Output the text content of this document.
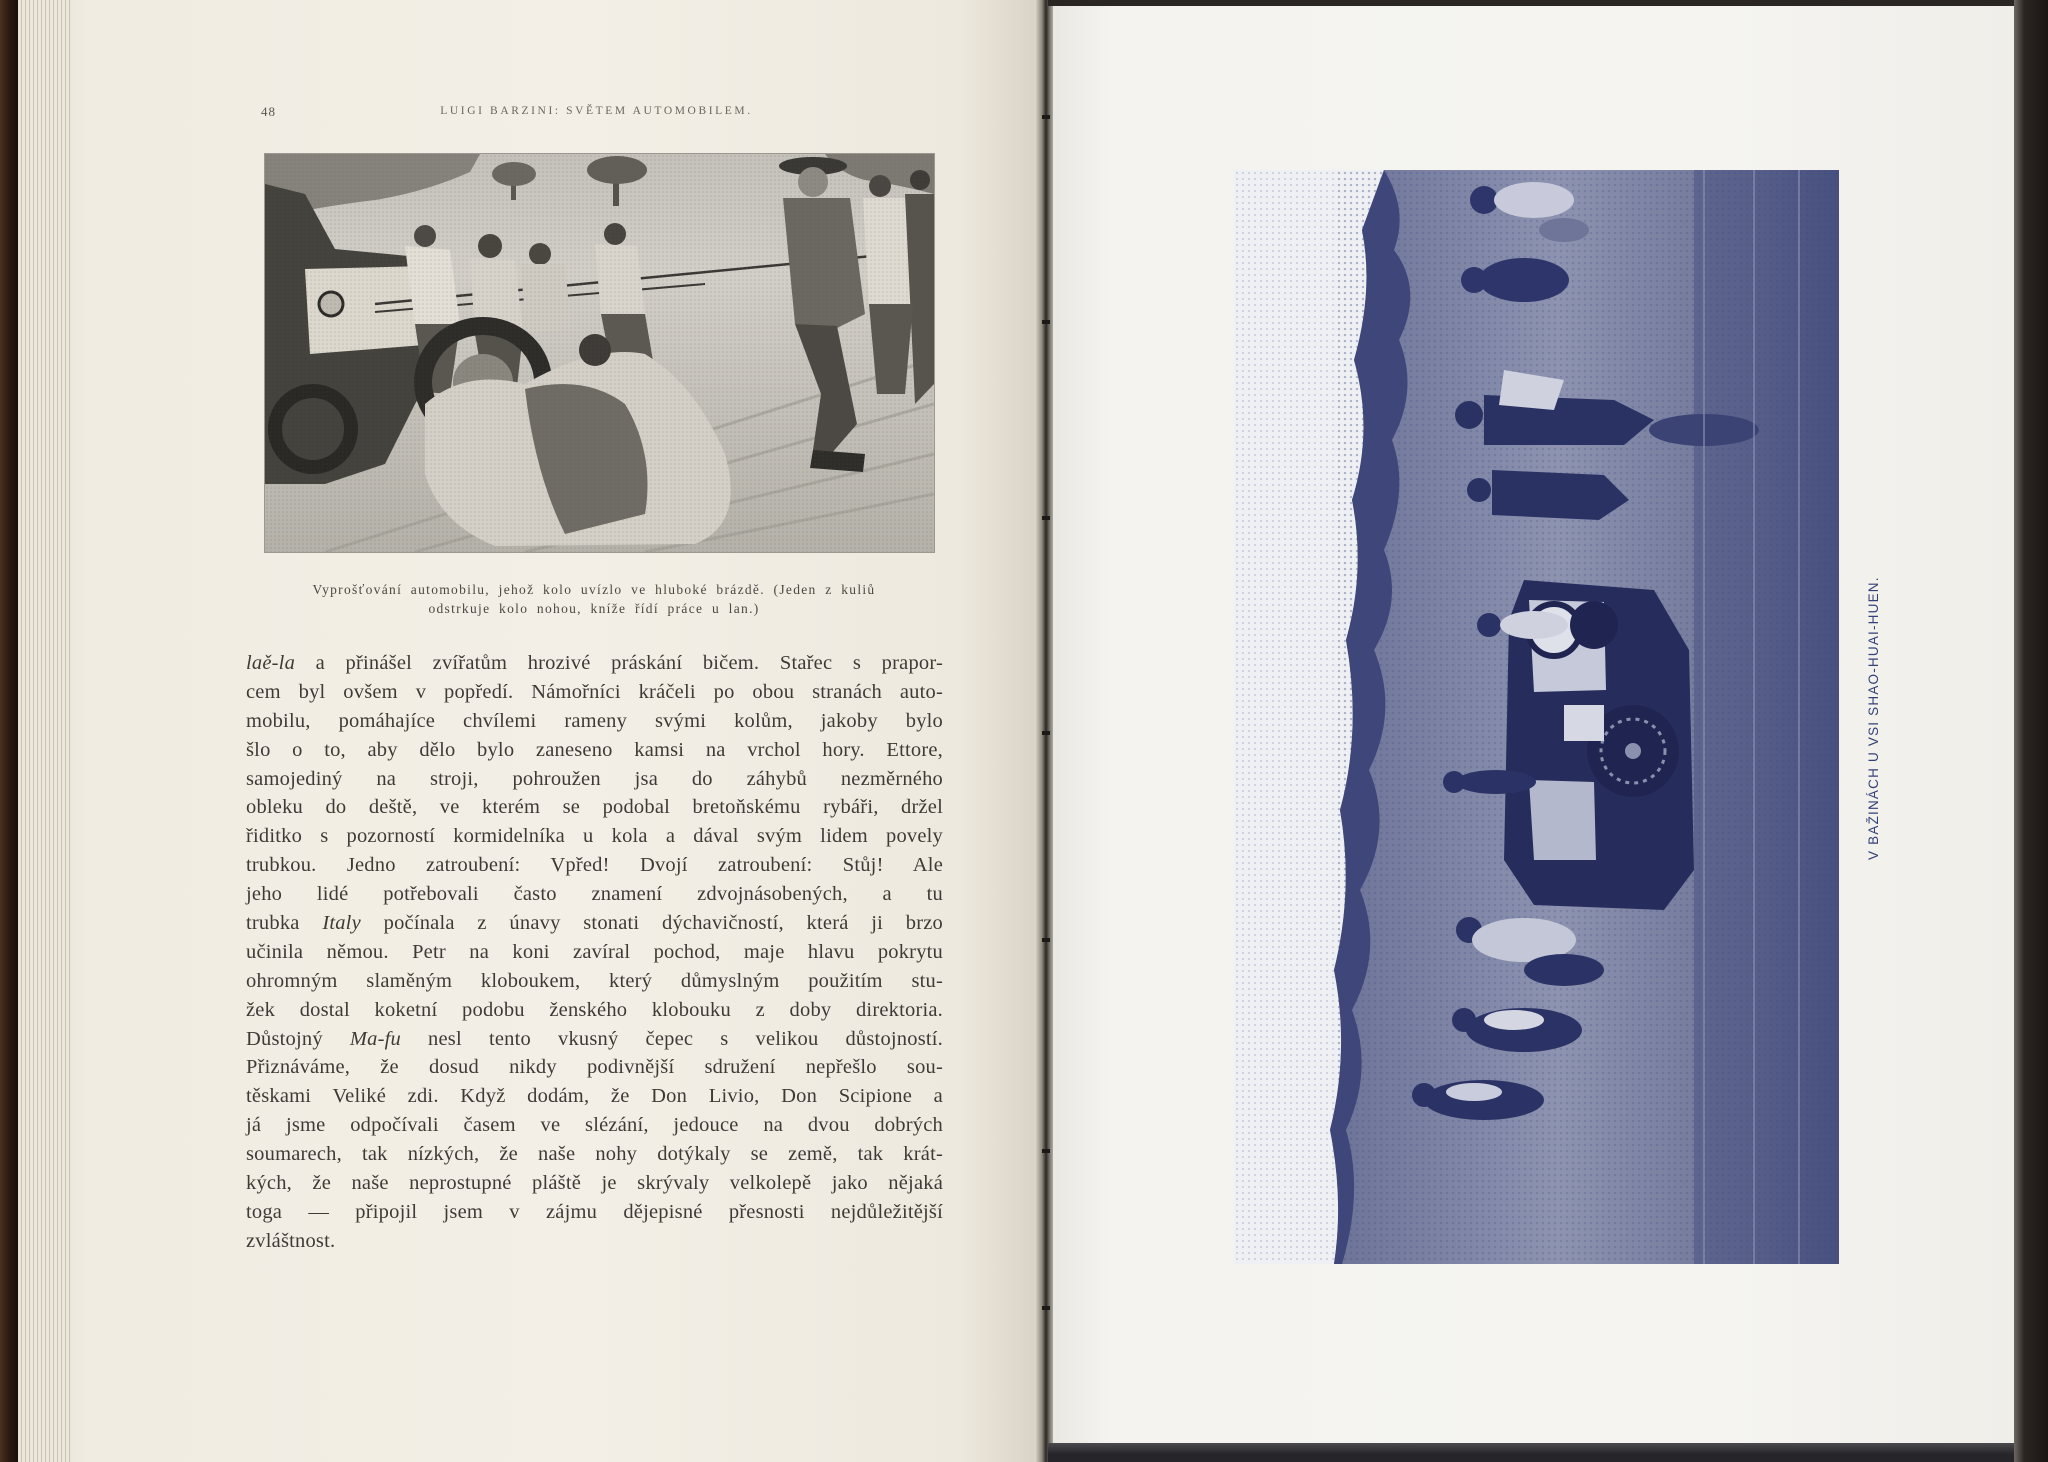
48	LUIGI BARZINI: SVĚTEM AUTOMOBILEM.
Vyprošťování automobilu, jehož kolo uvízlo ve hluboké brázdě. (Jeden z kuliů
odstrkuje kolo nohou, kníže řídí práce u lan.)
laě-la a přinášel zvířatům hrozivé práskání bičem. Stařec s prapor-
cem byl ovšem v popředí. Námořníci kráčeli po obou stranách auto-
mobilu, pomáhajíce chvílemi rameny svými kolům, jakoby bylo
šlo o to, aby dělo bylo zaneseno kamsi na vrchol hory. Ettore,
samojediný na stroji, pohroužen jsa do záhybů nezměrného
obleku do deště, ve kterém se podobal bretoňskému rybáři, držel
řiditko s pozorností kormidelníka u kola a dával svým lidem povely
trubkou. Jedno zatroubení: Vpřed! Dvojí zatroubení: Stůj! Ale
jeho lidé potřebovali často znamení zdvojnásobených, a tu
trubka Italy počínala z únavy stonati dýchavičností, která ji brzo
učinila němou. Petr na koni zavíral pochod, maje hlavu pokrytu
ohromným slaměným kloboukem, který důmyslným použitím stu-
žek dostal koketní podobu ženského klobouku z doby direktoria.
Důstojný Ma-fu nesl tento vkusný čepec s velikou důstojností.
Přiznáváme, že dosud nikdy podivnější sdružení nepřešlo sou-
těskami Veliké zdi. Když dodám, že Don Livio, Don Scipione a
já jsme odpočívali časem ve slézání, jedouce na dvou dobrých
soumarech, tak nízkých, že naše nohy dotýkaly se země, tak krát-
kých, že naše neprostupné pláště je skrývaly velkolepě jako nějaká
toga — připojil jsem v zájmu dějepisné přesnosti nejdůležitější
zvláštnost.
V BAŽINÁCH U VSI SHAO-HUAI-HUEN.
